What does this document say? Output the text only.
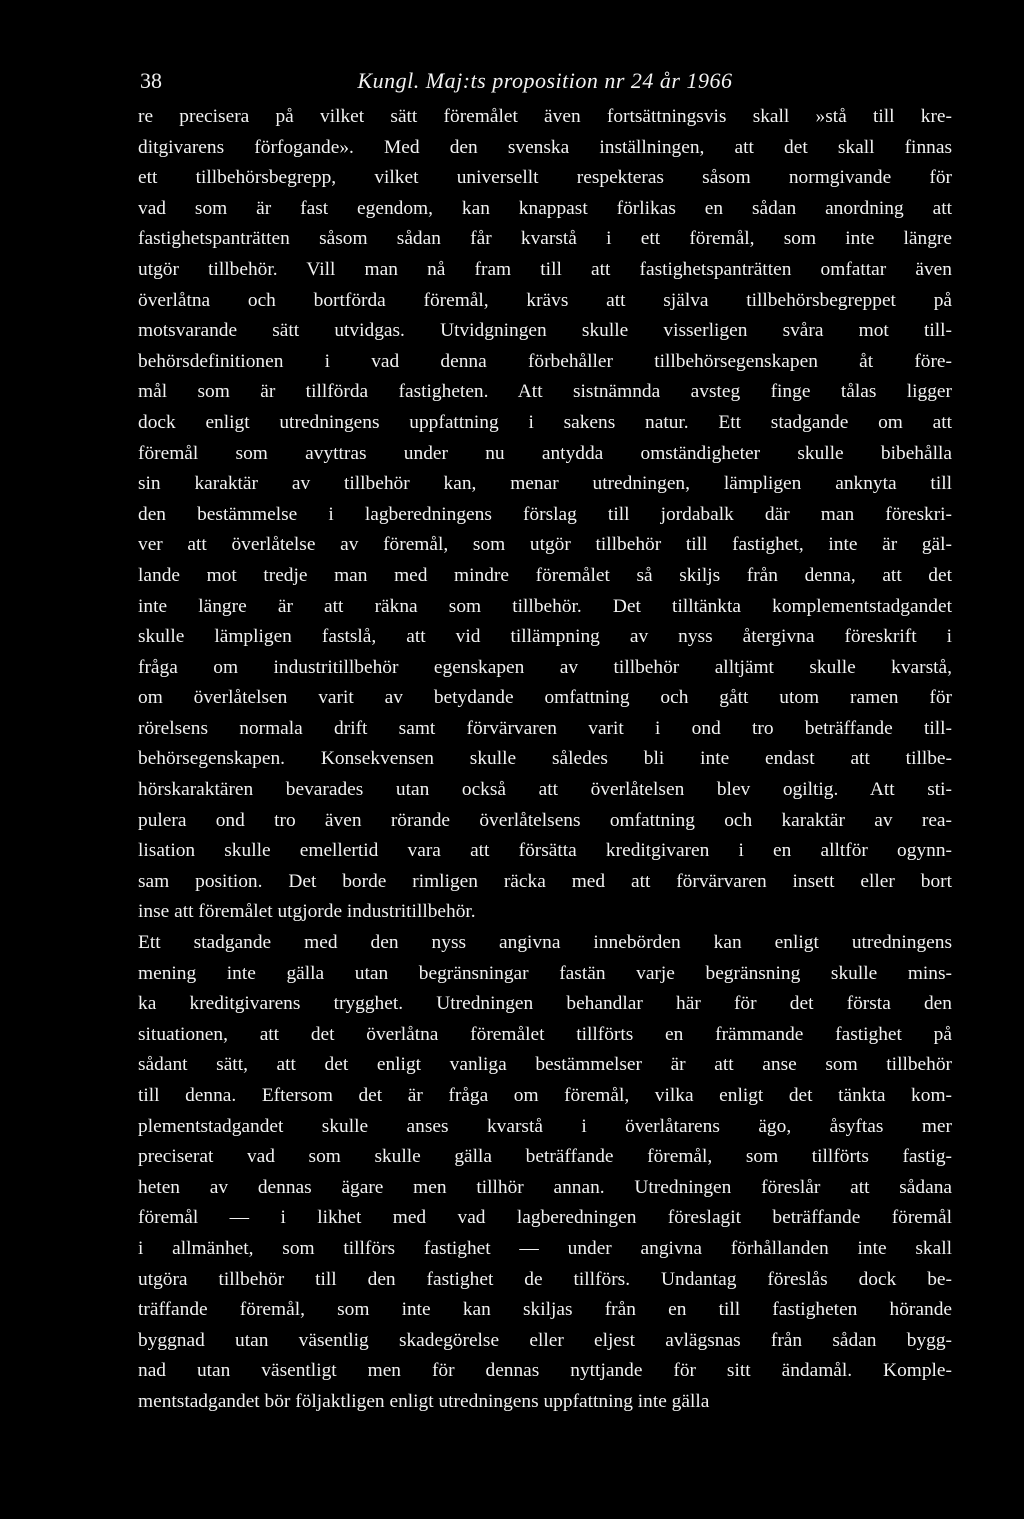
38	Kungl. Maj:ts proposition nr 24 år 1966
re precisera på vilket sätt föremålet även fortsättningsvis skall »stå till kre-
ditgivarens förfogande». Med den svenska inställningen, att det skall finnas
ett tillbehörsbegrepp, vilket universellt respekteras såsom normgivande för
vad som är fast egendom, kan knappast förlikas en sådan anordning att
fastighetspanträtten såsom sådan får kvarstå i ett föremål, som inte längre
utgör tillbehör. Vill man nå fram till att fastighetspanträtten omfattar även
överlåtna och bortförda föremål, krävs att själva tillbehörsbegreppet på
motsvarande sätt utvidgas. Utvidgningen skulle visserligen svåra mot till-
behörsdefinitionen i vad denna förbehåller tillbehörsegenskapen åt före-
mål som är tillförda fastigheten. Att sistnämnda avsteg finge tålas ligger
dock enligt utredningens uppfattning i sakens natur. Ett stadgande om att
föremål som avyttras under nu antydda omständigheter skulle bibehålla
sin karaktär av tillbehör kan, menar utredningen, lämpligen anknyta till
den bestämmelse i lagberedningens förslag till jordabalk där man föreskri-
ver att överlåtelse av föremål, som utgör tillbehör till fastighet, inte är gäl-
lande mot tredje man med mindre föremålet så skiljs från denna, att det
inte längre är att räkna som tillbehör. Det tilltänkta komplementstadgandet
skulle lämpligen fastslå, att vid tillämpning av nyss återgivna föreskrift i
fråga om industritillbehör egenskapen av tillbehör alltjämt skulle kvarstå,
om överlåtelsen varit av betydande omfattning och gått utom ramen för
rörelsens normala drift samt förvärvaren varit i ond tro beträffande till-
behörsegenskapen. Konsekvensen skulle således bli inte endast att tillbe-
hörskaraktären bevarades utan också att överlåtelsen blev ogiltig. Att sti-
pulera ond tro även rörande överlåtelsens omfattning och karaktär av rea-
lisation skulle emellertid vara att försätta kreditgivaren i en alltför ogynn-
sam position. Det borde rimligen räcka med att förvärvaren insett eller bort
inse att föremålet utgjorde industritillbehör.
Ett stadgande med den nyss angivna innebörden kan enligt utredningens
mening inte gälla utan begränsningar fastän varje begränsning skulle mins-
ka kreditgivarens trygghet. Utredningen behandlar här för det första den
situationen, att det överlåtna föremålet tillförts en främmande fastighet på
sådant sätt, att det enligt vanliga bestämmelser är att anse som tillbehör
till denna. Eftersom det är fråga om föremål, vilka enligt det tänkta kom-
plementstadgandet skulle anses kvarstå i överlåtarens ägo, åsyftas mer
preciserat vad som skulle gälla beträffande föremål, som tillförts fastig-
heten av dennas ägare men tillhör annan. Utredningen föreslår att sådana
föremål — i likhet med vad lagberedningen föreslagit beträffande föremål
i allmänhet, som tillförs fastighet — under angivna förhållanden inte skall
utgöra tillbehör till den fastighet de tillförs. Undantag föreslås dock be-
träffande föremål, som inte kan skiljas från en till fastigheten hörande
byggnad utan väsentlig skadegörelse eller eljest avlägsnas från sådan bygg-
nad utan väsentligt men för dennas nyttjande för sitt ändamål. Komple-
mentstadgandet bör följaktligen enligt utredningens uppfattning inte gälla
